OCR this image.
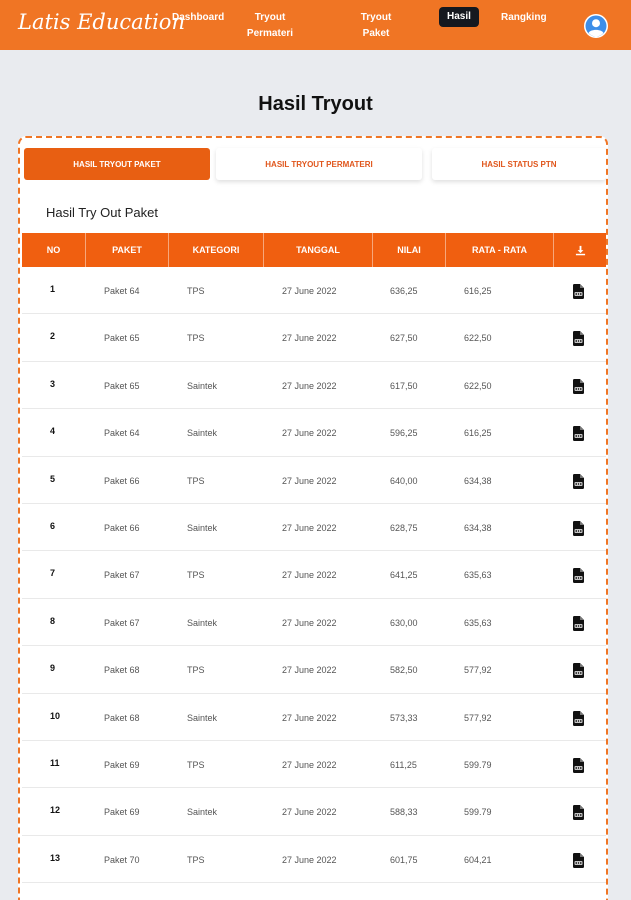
Latis Education
Dashboard	Tryout Permateri
Tryout Paket
Hasil	Rangking
Hasil Tryout
HASIL TRYOUT PAKET	HASIL TRYOUT PERMATERI	HASIL STATUS PTN
Hasil Try Out Paket
NO	PAKET	KATEGORI	TANGGAL	NILAI	RATA - RATA
1	Paket 64	TPS	27 June 2022	636,25	616,25
2	Paket 65	TPS	27 June 2022	627,50	622,50
3	Paket 65	Saintek	27 June 2022	617,50	622,50
4	Paket 64	Saintek	27 June 2022	596,25	616,25
5	Paket 66	TPS	27 June 2022	640,00	634,38
6	Paket 66	Saintek	27 June 2022	628,75	634,38
7	Paket 67	TPS	27 June 2022	641,25	635,63
8	Paket 67	Saintek	27 June 2022	630,00	635,63
9	Paket 68	TPS	27 June 2022	582,50	577,92
10	Paket 68	Saintek	27 June 2022	573,33	577,92
11	Paket 69	TPS	27 June 2022	611,25	599.79
12	Paket 69	Saintek	27 June 2022	588,33	599.79
13	Paket 70	TPS	27 June 2022	601,75	604,21
